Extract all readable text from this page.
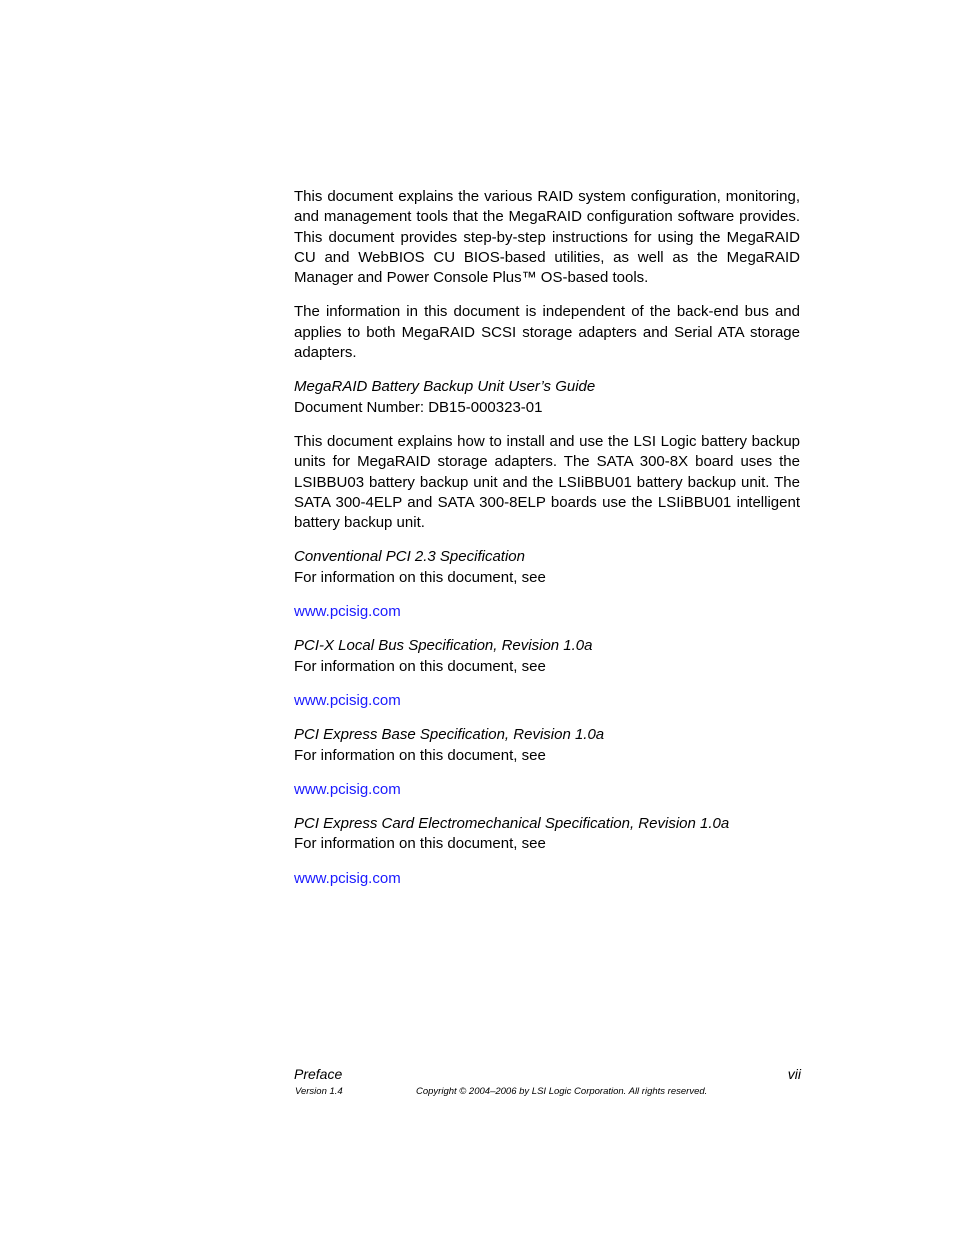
This document explains the various RAID system configuration, monitoring, and management tools that the MegaRAID configuration software provides. This document provides step-by-step instructions for using the MegaRAID CU and WebBIOS CU BIOS-based utilities, as well as the MegaRAID Manager and Power Console Plus™ OS-based tools.

The information in this document is independent of the back-end bus and applies to both MegaRAID SCSI storage adapters and Serial ATA storage adapters.

MegaRAID Battery Backup Unit User’s Guide

Document Number: DB15-000323-01

This document explains how to install and use the LSI Logic battery backup units for MegaRAID storage adapters. The SATA 300-8X board uses the LSIBBU03 battery backup unit and the LSIiBBU01 battery backup unit. The SATA 300-4ELP and SATA 300-8ELP boards use the LSIiBBU01 intelligent battery backup unit.

Conventional PCI 2.3 Specification

For information on this document, see

www.pcisig.com

PCI-X Local Bus Specification, Revision 1.0a

For information on this document, see

www.pcisig.com

PCI Express Base Specification, Revision 1.0a

For information on this document, see

www.pcisig.com

PCI Express Card Electromechanical Specification, Revision 1.0a

For information on this document, see

www.pcisig.com
Preface	vii
Version 1.4	Copyright © 2004–2006 by LSI Logic Corporation. All rights reserved.
